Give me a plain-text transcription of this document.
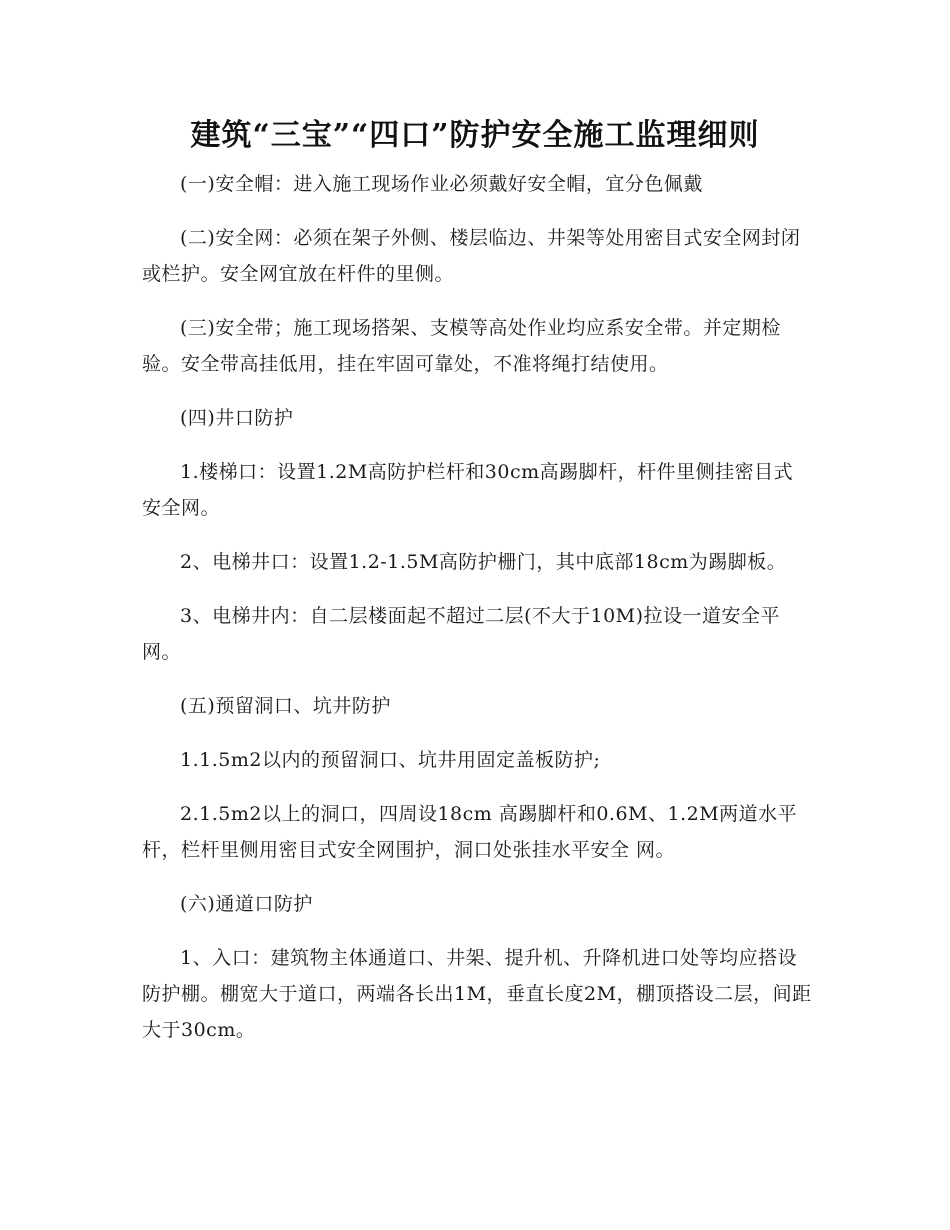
建筑“三宝”“四口”防护安全施工监理细则

(一)安全帽：进入施工现场作业必须戴好安全帽，宜分色佩戴

(二)安全网：必须在架子外侧、楼层临边、井架等处用密目式安全网封闭或栏护。安全网宜放在杆件的里侧。

(三)安全带；施工现场搭架、支模等高处作业均应系安全带。并定期检验。安全带高挂低用，挂在牢固可靠处，不准将绳打结使用。

(四)井口防护

1.楼梯口：设置1.2M高防护栏杆和30cm高踢脚杆，杆件里侧挂密目式安全网。

2、电梯井口：设置1.2-1.5M高防护栅门，其中底部18cm为踢脚板。

3、电梯井内：自二层楼面起不超过二层(不大于10M)拉设一道安全平网。

(五)预留洞口、坑井防护

1.1.5m2以内的预留洞口、坑井用固定盖板防护;

2.1.5m2以上的洞口，四周设18cm 高踢脚杆和0.6M、1.2M两道水平杆，栏杆里侧用密目式安全网围护，洞口处张挂水平安全 网。

(六)通道口防护

1、入口：建筑物主体通道口、井架、提升机、升降机进口处等均应搭设防护棚。棚宽大于道口，两端各长出1M，垂直长度2M，棚顶搭设二层，间距大于30cm。
